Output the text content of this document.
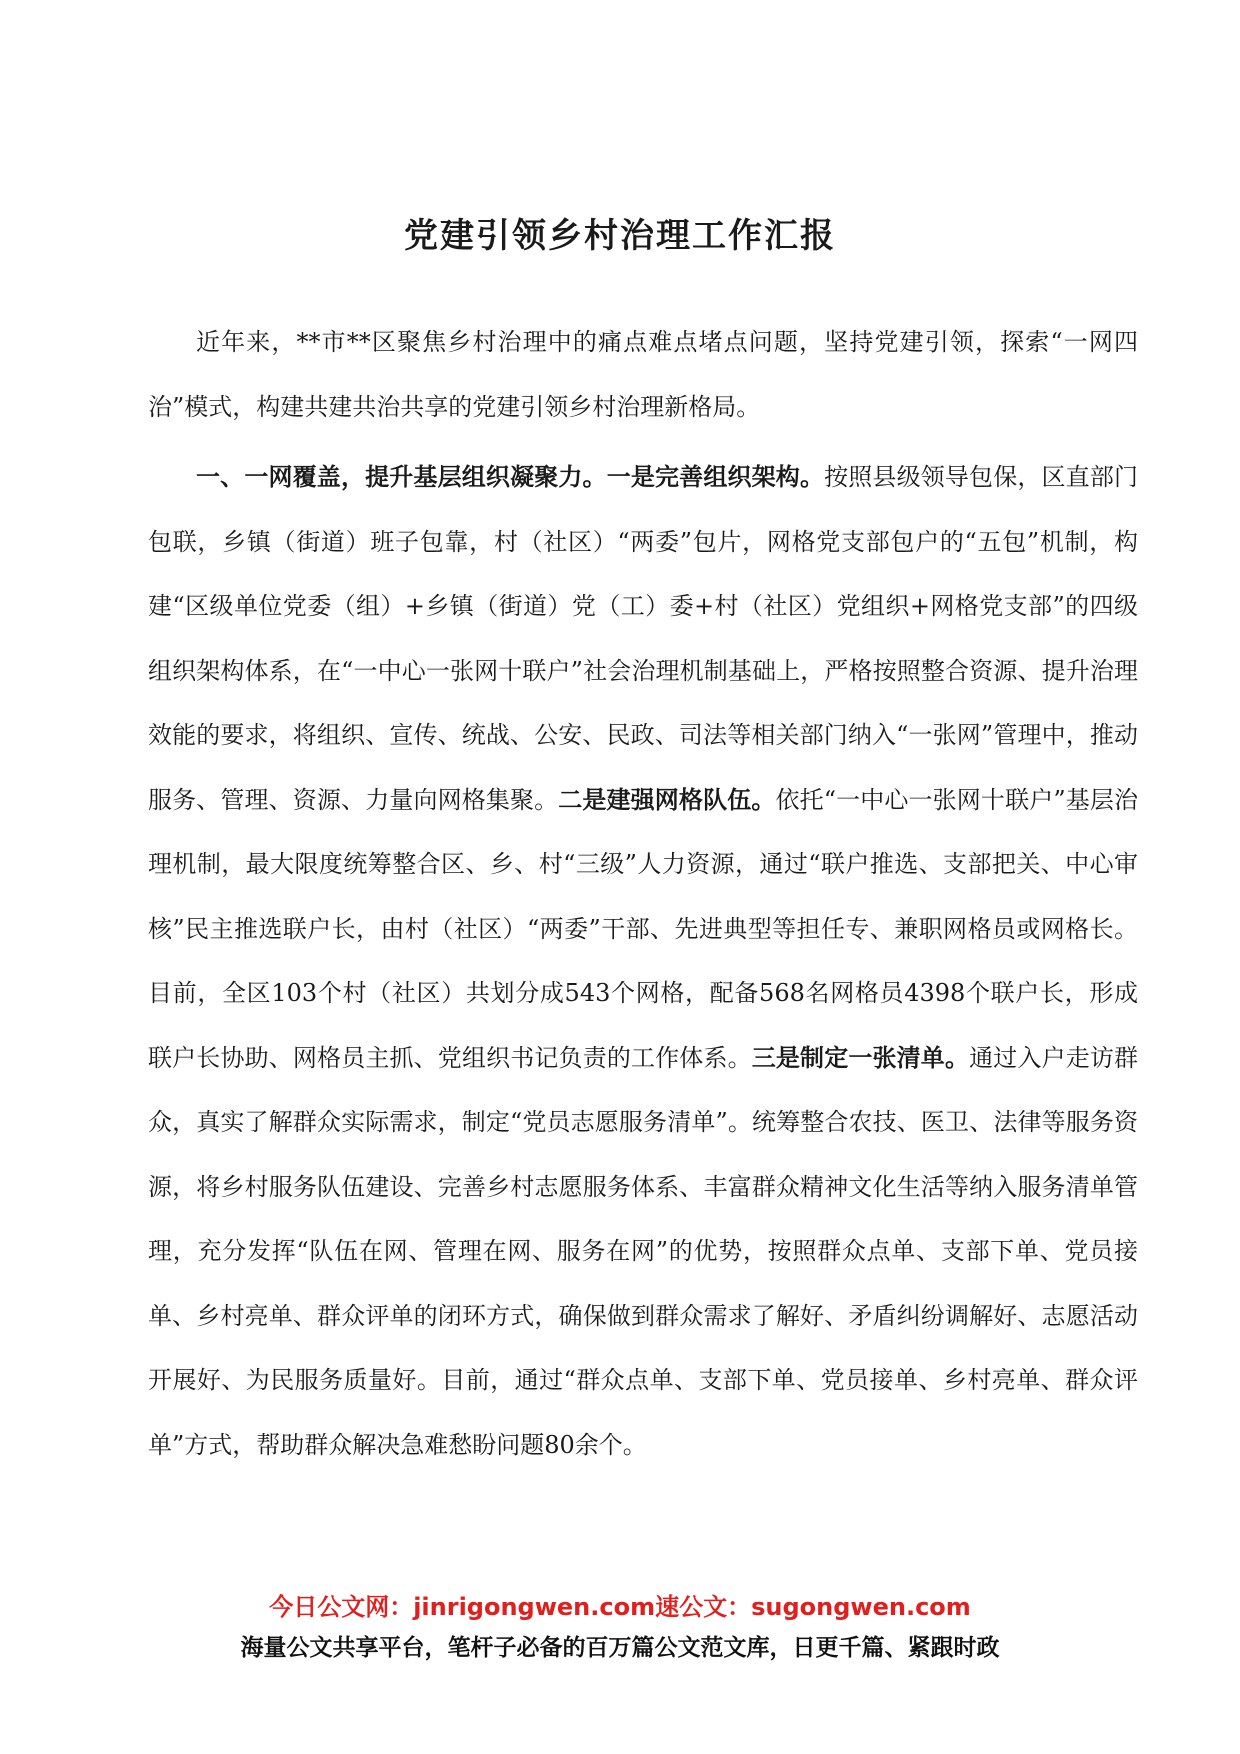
党建引领乡村治理工作汇报

近年来，**市**区聚焦乡村治理中的痛点难点堵点问题，坚持党建引领，探索“一网四治”模式，构建共建共治共享的党建引领乡村治理新格局。

一、一网覆盖，提升基层组织凝聚力。一是完善组织架构。按照县级领导包保，区直部门包联，乡镇（街道）班子包靠，村（社区）“两委”包片，网格党支部包户的“五包”机制，构建“区级单位党委（组）+乡镇（街道）党（工）委+村（社区）党组织+网格党支部”的四级组织架构体系，在“一中心一张网十联户”社会治理机制基础上，严格按照整合资源、提升治理效能的要求，将组织、宣传、统战、公安、民政、司法等相关部门纳入“一张网”管理中，推动服务、管理、资源、力量向网格集聚。二是建强网格队伍。依托“一中心一张网十联户”基层治理机制，最大限度统筹整合区、乡、村“三级”人力资源，通过“联户推选、支部把关、中心审核”民主推选联户长，由村（社区）“两委”干部、先进典型等担任专、兼职网格员或网格长。目前，全区103个村（社区）共划分成543个网格，配备568名网格员4398个联户长，形成联户长协助、网格员主抓、党组织书记负责的工作体系。三是制定一张清单。通过入户走访群众，真实了解群众实际需求，制定“党员志愿服务清单”。统筹整合农技、医卫、法律等服务资源，将乡村服务队伍建设、完善乡村志愿服务体系、丰富群众精神文化生活等纳入服务清单管理，充分发挥“队伍在网、管理在网、服务在网”的优势，按照群众点单、支部下单、党员接单、乡村亮单、群众评单的闭环方式，确保做到群众需求了解好、矛盾纠纷调解好、志愿活动开展好、为民服务质量好。目前，通过“群众点单、支部下单、党员接单、乡村亮单、群众评单”方式，帮助群众解决急难愁盼问题80余个。

今日公文网：jinrigongwen.com速公文：sugongwen.com
海量公文共享平台，笔杆子必备的百万篇公文范文库，日更千篇、紧跟时政
